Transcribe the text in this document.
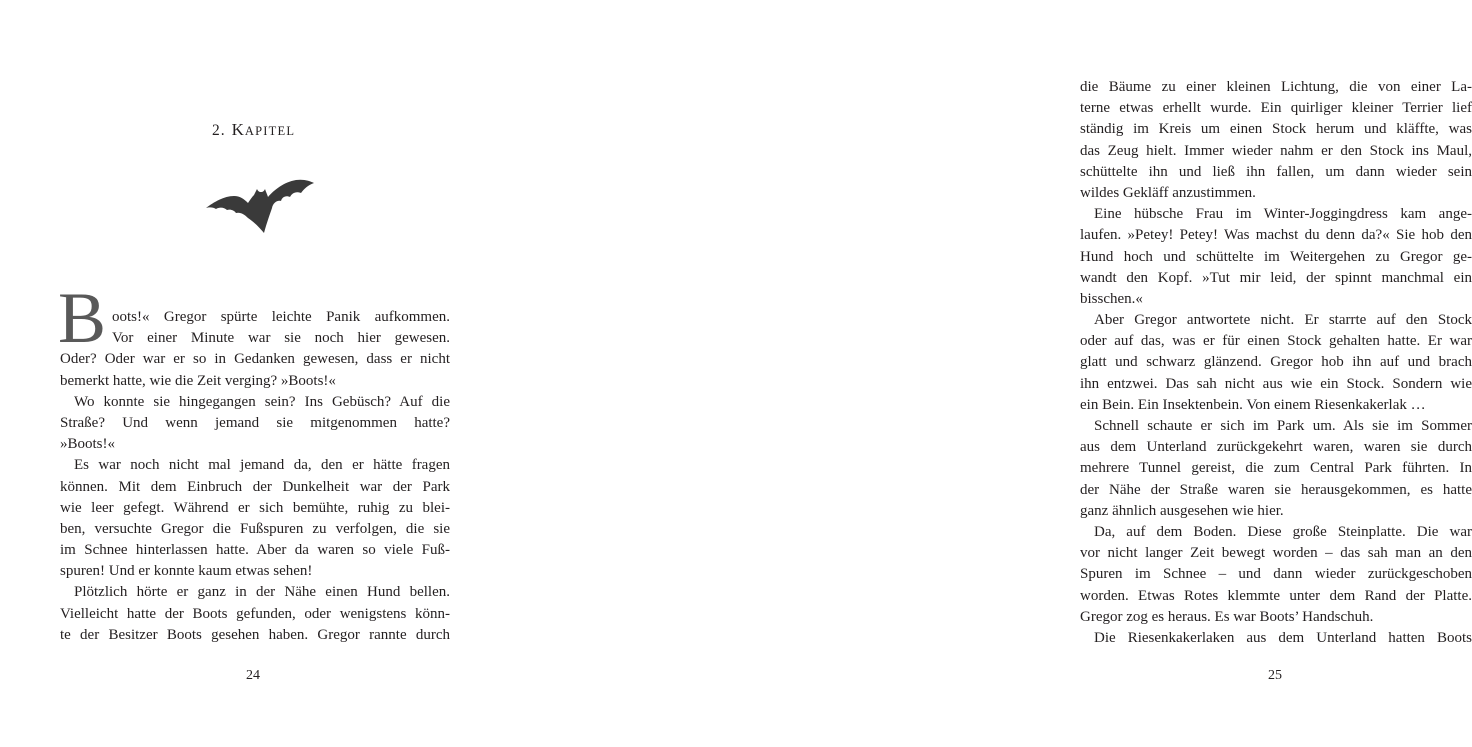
2. KAPITEL
B oots!« Gregor spürte leichte Panik aufkommen.
Vor einer Minute war sie noch hier gewesen.
Oder? Oder war er so in Gedanken gewesen, dass er nicht
bemerkt hatte, wie die Zeit verging? »Boots!«
Wo konnte sie hingegangen sein? Ins Gebüsch? Auf die
Straße? Und wenn jemand sie mitgenommen hatte?
»Boots!«
Es war noch nicht mal jemand da, den er hätte fragen
können. Mit dem Einbruch der Dunkelheit war der Park
wie leer gefegt. Während er sich bemühte, ruhig zu blei-
ben, versuchte Gregor die Fußspuren zu verfolgen, die sie
im Schnee hinterlassen hatte. Aber da waren so viele Fuß-
spuren! Und er konnte kaum etwas sehen!
Plötzlich hörte er ganz in der Nähe einen Hund bellen.
Vielleicht hatte der Boots gefunden, oder wenigstens könn-
te der Besitzer Boots gesehen haben. Gregor rannte durch
24
die Bäume zu einer kleinen Lichtung, die von einer La-
terne etwas erhellt wurde. Ein quirliger kleiner Terrier lief
ständig im Kreis um einen Stock herum und kläffte, was
das Zeug hielt. Immer wieder nahm er den Stock ins Maul,
schüttelte ihn und ließ ihn fallen, um dann wieder sein
wildes Gekläff anzustimmen.
Eine hübsche Frau im Winter-Joggingdress kam ange-
laufen. »Petey! Petey! Was machst du denn da?« Sie hob den
Hund hoch und schüttelte im Weitergehen zu Gregor ge-
wandt den Kopf. »Tut mir leid, der spinnt manchmal ein
bisschen.«
Aber Gregor antwortete nicht. Er starrte auf den Stock
oder auf das, was er für einen Stock gehalten hatte. Er war
glatt und schwarz glänzend. Gregor hob ihn auf und brach
ihn entzwei. Das sah nicht aus wie ein Stock. Sondern wie
ein Bein. Ein Insektenbein. Von einem Riesenkakerlak …
Schnell schaute er sich im Park um. Als sie im Sommer
aus dem Unterland zurückgekehrt waren, waren sie durch
mehrere Tunnel gereist, die zum Central Park führten. In
der Nähe der Straße waren sie herausgekommen, es hatte
ganz ähnlich ausgesehen wie hier.
Da, auf dem Boden. Diese große Steinplatte. Die war
vor nicht langer Zeit bewegt worden – das sah man an den
Spuren im Schnee – und dann wieder zurückgeschoben
worden. Etwas Rotes klemmte unter dem Rand der Platte.
Gregor zog es heraus. Es war Boots’ Handschuh.
Die Riesenkakerlaken aus dem Unterland hatten Boots
25
